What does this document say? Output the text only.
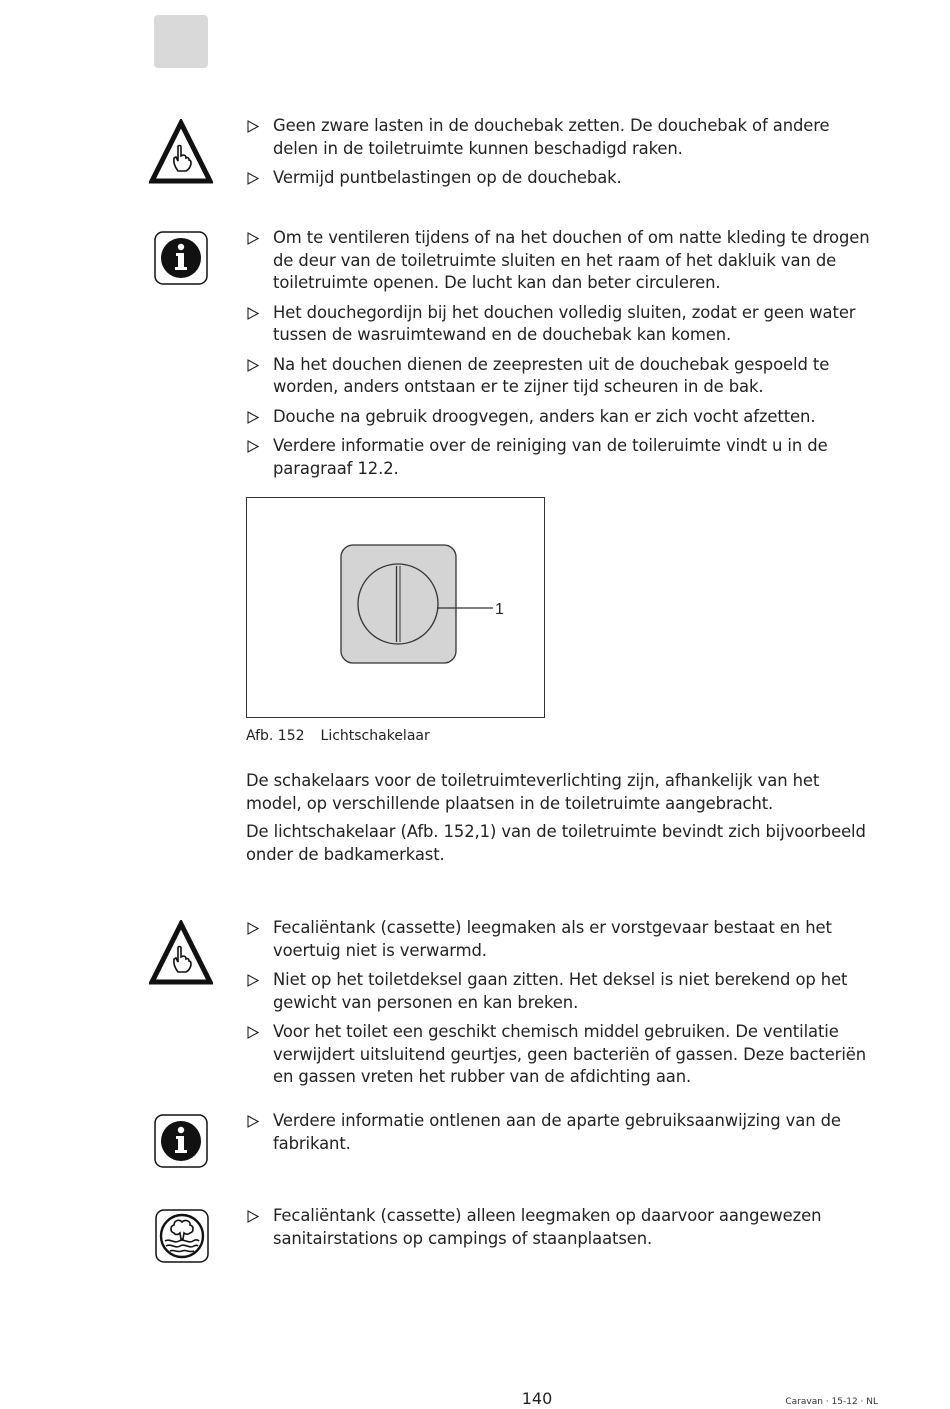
Geen zware lasten in de douchebak zetten. De douchebak of andere delen in de toiletruimte kunnen beschadigd raken.
Vermijd puntbelastingen op de douchebak.
Om te ventileren tijdens of na het douchen of om natte kleding te drogen de deur van de toiletruimte sluiten en het raam of het dakluik van de toiletruimte openen. De lucht kan dan beter circuleren.
Het douchegordijn bij het douchen volledig sluiten, zodat er geen water tussen de wasruimtewand en de douchebak kan komen.
Na het douchen dienen de zeepresten uit de douchebak gespoeld te worden, anders ontstaan er te zijner tijd scheuren in de bak.
Douche na gebruik droogvegen, anders kan er zich vocht afzetten.
Verdere informatie over de reiniging van de toileruimte vindt u in de paragraaf 12.2.
1
Afb. 152 Lichtschakelaar

De schakelaars voor de toiletruimteverlichting zijn, afhankelijk van het model, op verschillende plaatsen in de toiletruimte aangebracht.

De lichtschakelaar (Afb. 152,1) van de toiletruimte bevindt zich bijvoorbeeld onder de badkamerkast.

Fecaliëntank (cassette) leegmaken als er vorstgevaar bestaat en het voertuig niet is verwarmd.
Niet op het toiletdeksel gaan zitten. Het deksel is niet berekend op het gewicht van personen en kan breken.
Voor het toilet een geschikt chemisch middel gebruiken. De ventilatie verwijdert uitsluitend geurtjes, geen bacteriën of gassen. Deze bacteriën en gassen vreten het rubber van de afdichting aan.
Verdere informatie ontlenen aan de aparte gebruiksaanwijzing van de fabrikant.
Fecaliëntank (cassette) alleen leegmaken op daarvoor aangewezen sanitairstations op campings of staanplaatsen.
140	Caravan · 15-12 · NL
